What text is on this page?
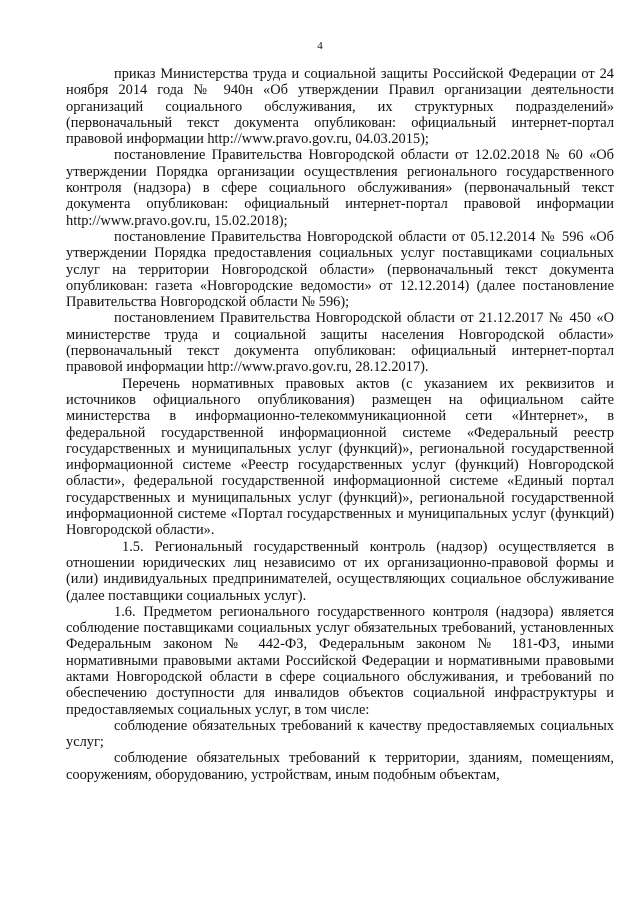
4

приказ Министерства труда и социальной защиты Российской Федерации от 24 ноября 2014 года № 940н «Об утверждении Правил организации деятельности организаций социального обслуживания, их структурных подразделений» (первоначальный текст документа опубликован: официальный интернет-портал правовой информации http://www.pravo.gov.ru, 04.03.2015);

постановление Правительства Новгородской области от 12.02.2018 № 60 «Об утверждении Порядка организации осуществления регионального государственного контроля (надзора) в сфере социального обслуживания» (первоначальный текст документа опубликован: официальный интернет-портал правовой информации http://www.pravo.gov.ru, 15.02.2018);

постановление Правительства Новгородской области от 05.12.2014 № 596 «Об утверждении Порядка предоставления социальных услуг поставщиками социальных услуг на территории Новгородской области» (первоначальный текст документа опубликован: газета «Новгородские ведомости» от 12.12.2014) (далее постановление Правительства Новгородской области № 596);

постановлением Правительства Новгородской области от 21.12.2017 № 450 «О министерстве труда и социальной защиты населения Новгородской области» (первоначальный текст документа опубликован: официальный интернет-портал правовой информации http://www.pravo.gov.ru, 28.12.2017).

Перечень нормативных правовых актов (с указанием их реквизитов и источников официального опубликования) размещен на официальном сайте министерства в информационно-телекоммуникационной сети «Интернет», в федеральной государственной информационной системе «Федеральный реестр государственных и муниципальных услуг (функций)», региональной государственной информационной системе «Реестр государственных услуг (функций) Новгородской области», федеральной государственной информационной системе «Единый портал государственных и муниципальных услуг (функций)», региональной государственной информационной системе «Портал государственных и муниципальных услуг (функций) Новгородской области».

1.5. Региональный государственный контроль (надзор) осуществляется в отношении юридических лиц независимо от их организационно-правовой формы и (или) индивидуальных предпринимателей, осуществляющих социальное обслуживание (далее поставщики социальных услуг).

1.6. Предметом регионального государственного контроля (надзора) является соблюдение поставщиками социальных услуг обязательных требований, установленных Федеральным законом № 442-ФЗ, Федеральным законом № 181-ФЗ, иными нормативными правовыми актами Российской Федерации и нормативными правовыми актами Новгородской области в сфере социального обслуживания, и требований по обеспечению доступности для инвалидов объектов социальной инфраструктуры и предоставляемых социальных услуг, в том числе:

соблюдение обязательных требований к качеству предоставляемых социальных услуг;

соблюдение обязательных требований к территории, зданиям, помещениям, сооружениям, оборудованию, устройствам, иным подобным объектам,
